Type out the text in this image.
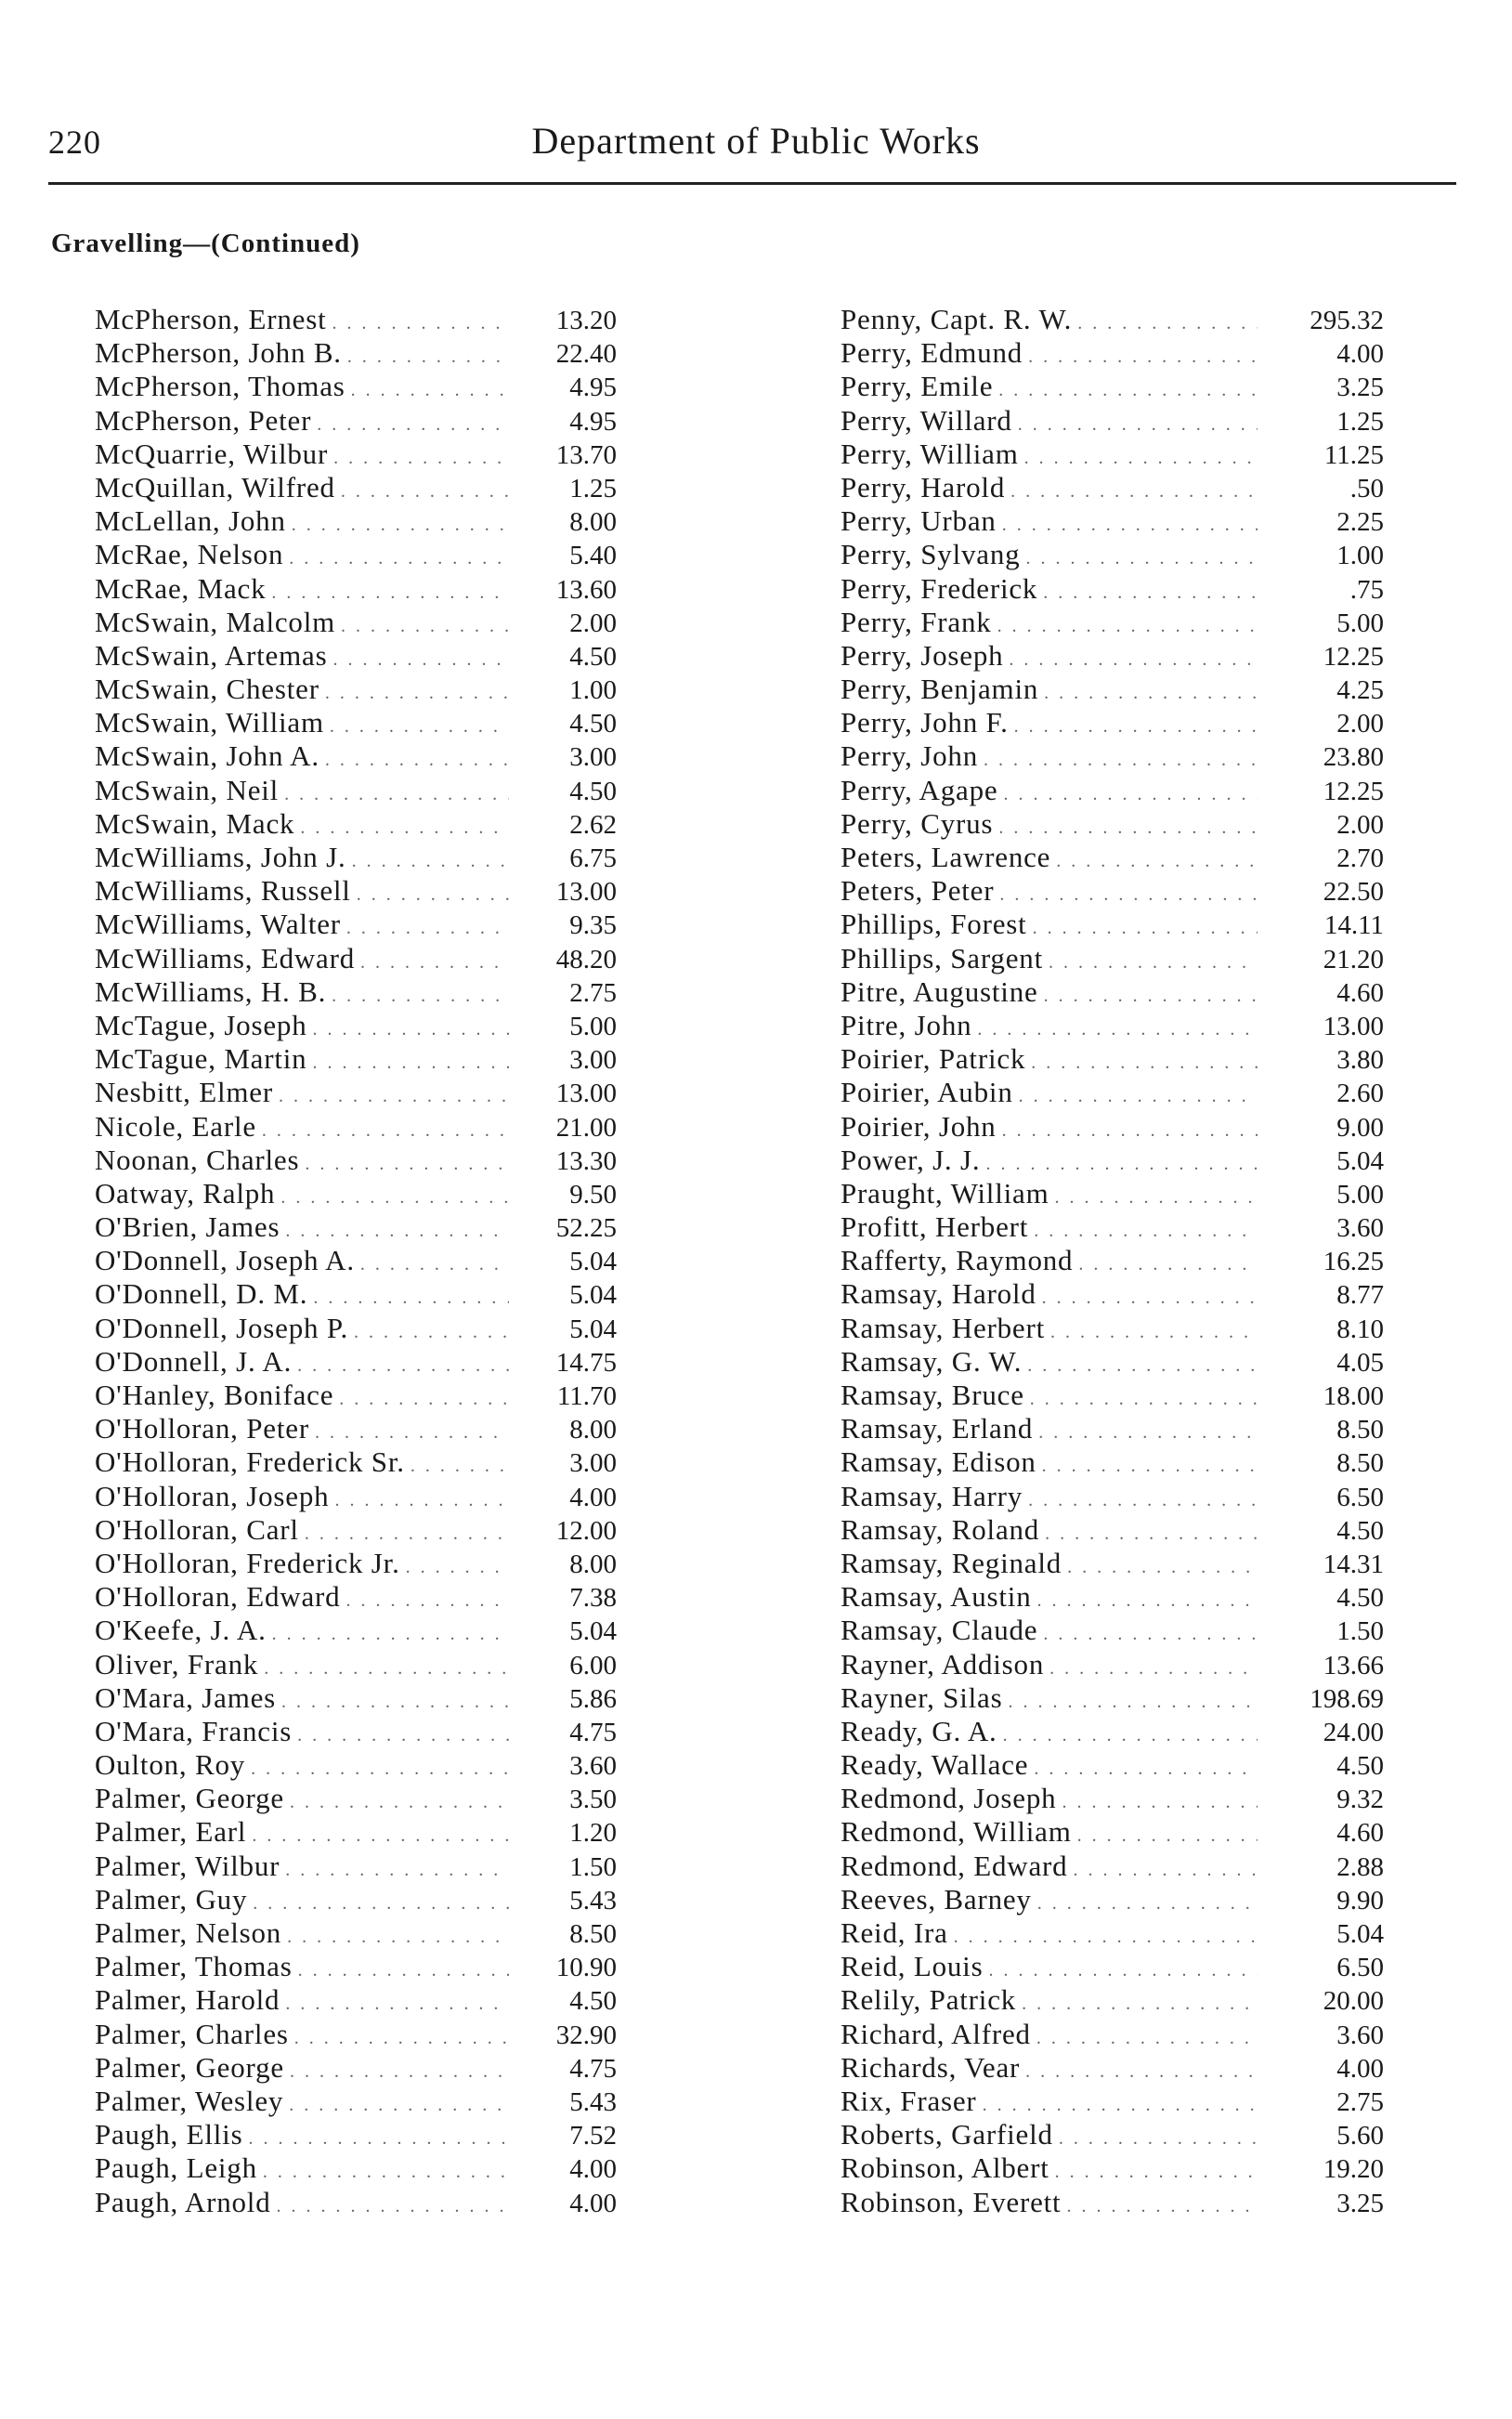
220	Department of Public Works
Gravelling—(Continued)
McPherson, Ernest . . .	13.20
McPherson, John B. . . .	22.40
McPherson, Thomas . . .	4.95
McPherson, Peter . . .	4.95
McQuarrie, Wilbur . . .	13.70
McQuillan, Wilfred . . .	1.25
McLellan, John . . .	8.00
McRae, Nelson . . .	5.40
McRae, Mack . . .	13.60
McSwain, Malcolm . . .	2.00
McSwain, Artemas . . .	4.50
McSwain, Chester . . .	1.00
McSwain, William . . .	4.50
McSwain, John A. . . .	3.00
McSwain, Neil . . .	4.50
McSwain, Mack . . .	2.62
McWilliams, John J. . . .	6.75
McWilliams, Russell . . .	13.00
McWilliams, Walter . . .	9.35
McWilliams, Edward . . .	48.20
McWilliams, H. B. . . .	2.75
McTague, Joseph . . .	5.00
McTague, Martin . . .	3.00
Nesbitt, Elmer . . .	13.00
Nicole, Earle . . .	21.00
Noonan, Charles . . .	13.30
Oatway, Ralph . . .	9.50
O'Brien, James . . .	52.25
O'Donnell, Joseph A. . . .	5.04
O'Donnell, D. M. . . .	5.04
O'Donnell, Joseph P. . . .	5.04
O'Donnell, J. A. . . .	14.75
O'Hanley, Boniface . . .	11.70
O'Holloran, Peter . . .	8.00
O'Holloran, Frederick Sr. . . .	3.00
O'Holloran, Joseph . . .	4.00
O'Holloran, Carl . . .	12.00
O'Holloran, Frederick Jr. . . .	8.00
O'Holloran, Edward . . .	7.38
O'Keefe, J. A. . . .	5.04
Oliver, Frank . . .	6.00
O'Mara, James . . .	5.86
O'Mara, Francis . . .	4.75
Oulton, Roy . . .	3.60
Palmer, George . . .	3.50
Palmer, Earl . . .	1.20
Palmer, Wilbur . . .	1.50
Palmer, Guy . . .	5.43
Palmer, Nelson . . .	8.50
Palmer, Thomas . . .	10.90
Palmer, Harold . . .	4.50
Palmer, Charles . . .	32.90
Palmer, George . . .	4.75
Palmer, Wesley . . .	5.43
Paugh, Ellis . . .	7.52
Paugh, Leigh . . .	4.00
Paugh, Arnold . . .	4.00
Penny, Capt. R. W. . . .	295.32
Perry, Edmund . . .	4.00
Perry, Emile . . .	3.25
Perry, Willard . . .	1.25
Perry, William . . .	11.25
Perry, Harold . . .	.50
Perry, Urban . . .	2.25
Perry, Sylvang . . .	1.00
Perry, Frederick . . .	.75
Perry, Frank . . .	5.00
Perry, Joseph . . .	12.25
Perry, Benjamin . . .	4.25
Perry, John F. . . .	2.00
Perry, John . . .	23.80
Perry, Agape . . .	12.25
Perry, Cyrus . . .	2.00
Peters, Lawrence . . .	2.70
Peters, Peter . . .	22.50
Phillips, Forest . . .	14.11
Phillips, Sargent . . .	21.20
Pitre, Augustine . . .	4.60
Pitre, John . . .	13.00
Poirier, Patrick . . .	3.80
Poirier, Aubin . . .	2.60
Poirier, John . . .	9.00
Power, J. J. . . .	5.04
Praught, William . . .	5.00
Profitt, Herbert . . .	3.60
Rafferty, Raymond . . .	16.25
Ramsay, Harold . . .	8.77
Ramsay, Herbert . . .	8.10
Ramsay, G. W. . . .	4.05
Ramsay, Bruce . . .	18.00
Ramsay, Erland . . .	8.50
Ramsay, Edison . . .	8.50
Ramsay, Harry . . .	6.50
Ramsay, Roland . . .	4.50
Ramsay, Reginald . . .	14.31
Ramsay, Austin . . .	4.50
Ramsay, Claude . . .	1.50
Rayner, Addison . . .	13.66
Rayner, Silas . . .	198.69
Ready, G. A. . . .	24.00
Ready, Wallace . . .	4.50
Redmond, Joseph . . .	9.32
Redmond, William . . .	4.60
Redmond, Edward . . .	2.88
Reeves, Barney . . .	9.90
Reid, Ira . . .	5.04
Reid, Louis . . .	6.50
Relily, Patrick . . .	20.00
Richard, Alfred . . .	3.60
Richards, Vear . . .	4.00
Rix, Fraser . . .	2.75
Roberts, Garfield . . .	5.60
Robinson, Albert . . .	19.20
Robinson, Everett . . .	3.25
